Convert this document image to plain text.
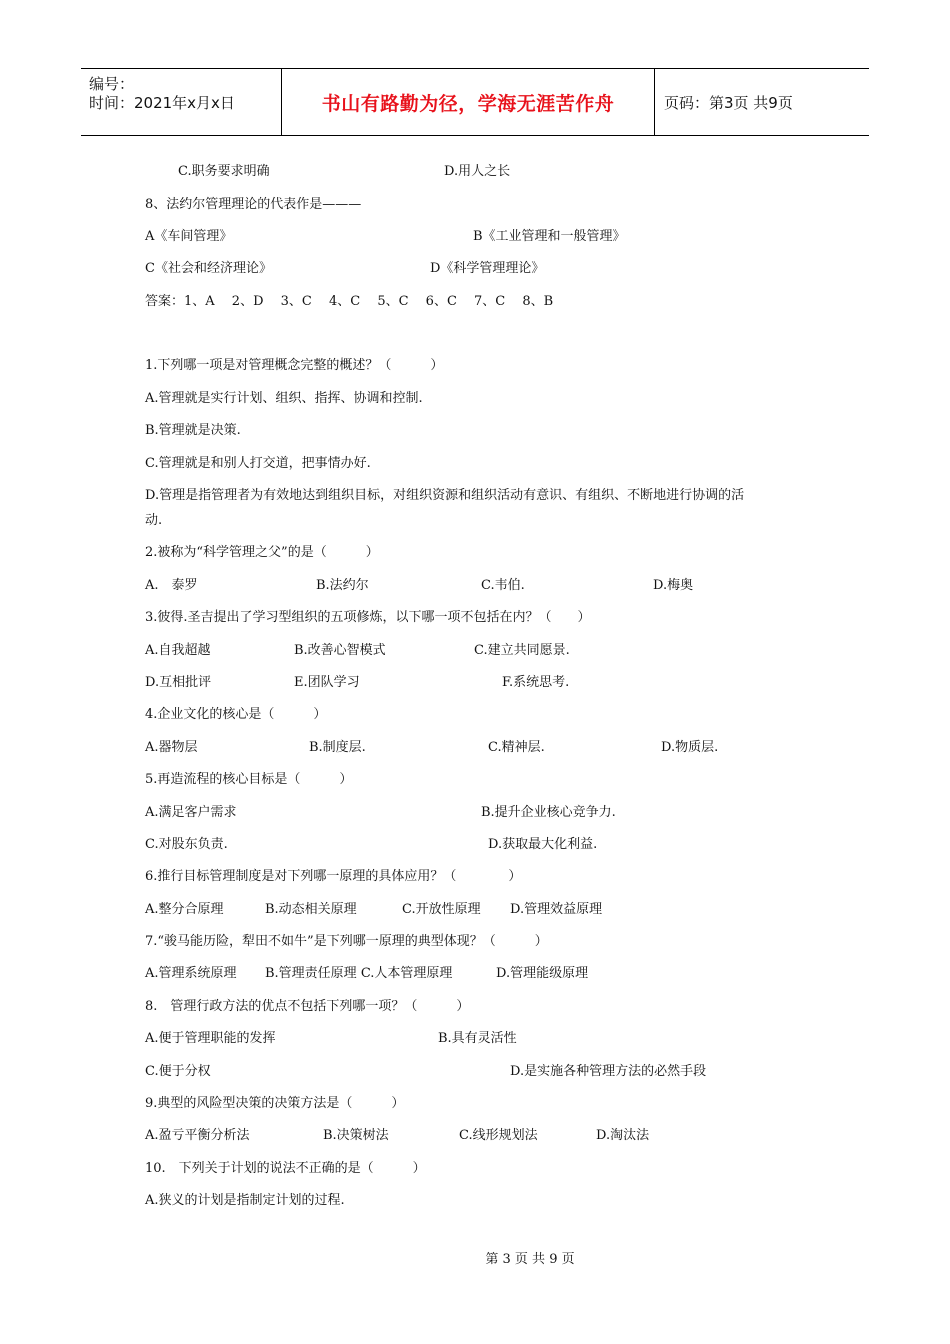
编号：
时间：2021年x月x日	书山有路勤为径，学海无涯苦作舟	页码：第3页 共9页
C.职务要求明确	D.用人之长
8、法约尔管理理论的代表作是———
A《车间管理》	B《工业管理和一般管理》
C《社会和经济理论》	D《科学管理理论》
答案：1、A　 2、D　 3、C　 4、C　 5、C　 6、C　 7、C　 8、B
1.下列哪一项是对管理概念完整的概述？（　　　）
A.管理就是实行计划、组织、指挥、协调和控制.
B.管理就是决策.
C.管理就是和别人打交道，把事情办好.
D.管理是指管理者为有效地达到组织目标，对组织资源和组织活动有意识、有组织、不断地进行协调的活
动.
2.被称为“科学管理之父”的是（　　　）
A.　泰罗	B.法约尔	C.韦伯.	D.梅奥
3.彼得.圣吉提出了学习型组织的五项修炼，以下哪一项不包括在内？（　　）
A.自我超越	B.改善心智模式	C.建立共同愿景.
D.互相批评	E.团队学习	F.系统思考.
4.企业文化的核心是（　　　）
A.器物层	B.制度层.	C.精神层.	D.物质层.
5.再造流程的核心目标是（　　　）
A.满足客户需求	B.提升企业核心竞争力.
C.对股东负责.	D.获取最大化利益.
6.推行目标管理制度是对下列哪一原理的具体应用？（　　　　）
A.整分合原理	B.动态相关原理	C.开放性原理 D.管理效益原理
7.“骏马能历险，犁田不如牛”是下列哪一原理的典型体现？（　　　）
A.管理系统原理 B.管理责任原理 C.人本管理原理	D.管理能级原理
8.　管理行政方法的优点不包括下列哪一项？（　　　）
A.便于管理职能的发挥	B.具有灵活性
C.便于分权	D.是实施各种管理方法的必然手段
9.典型的风险型决策的决策方法是（　　　）
A.盈亏平衡分析法	B.决策树法	C.线形规划法	D.淘汰法
10.　下列关于计划的说法不正确的是（　　　）
A.狭义的计划是指制定计划的过程.
第 3 页 共 9 页
